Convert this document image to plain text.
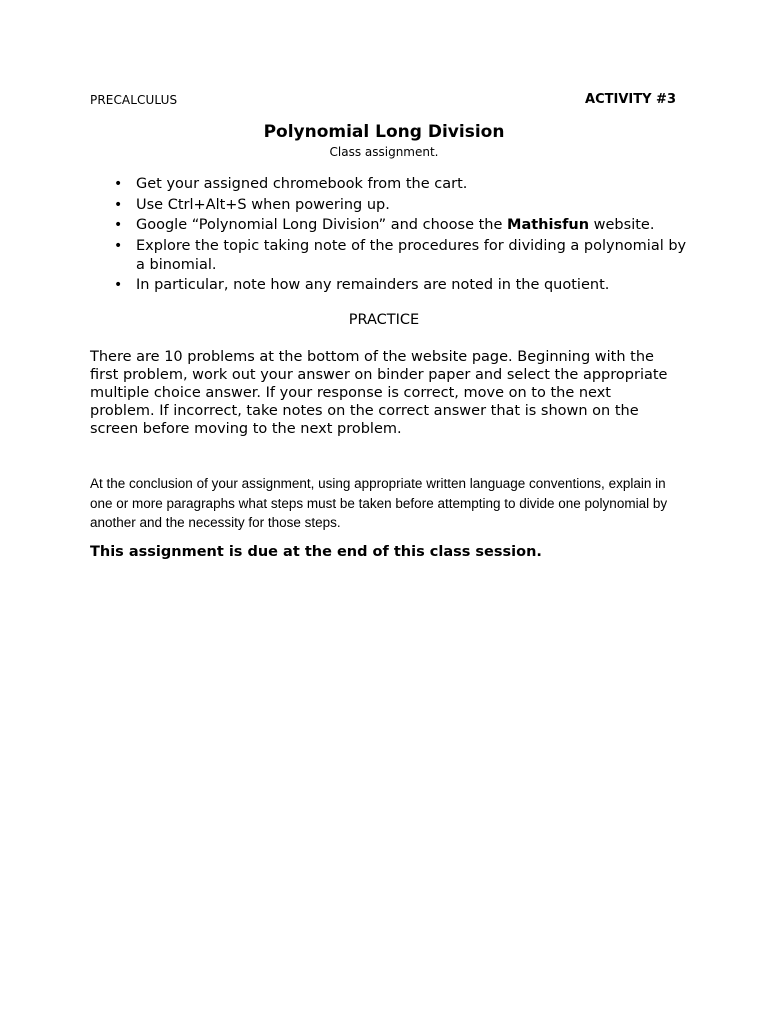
PRECALCULUS	ACTIVITY #3
Polynomial Long Division
Class assignment.
• Get your assigned chromebook from the cart.
• Use Ctrl+Alt+S when powering up.
• Google “Polynomial Long Division” and choose the Mathisfun website.
• Explore the topic taking note of the procedures for dividing a polynomial by a binomial.
• In particular, note how any remainders are noted in the quotient.
PRACTICE
There are 10 problems at the bottom of the website page. Beginning with the first problem, work out your answer on binder paper and select the appropriate multiple choice answer. If your response is correct, move on to the next problem. If incorrect, take notes on the correct answer that is shown on the screen before moving to the next problem.
At the conclusion of your assignment, using appropriate written language conventions, explain in one or more paragraphs what steps must be taken before attempting to divide one polynomial by another and the necessity for those steps.
This assignment is due at the end of this class session.
